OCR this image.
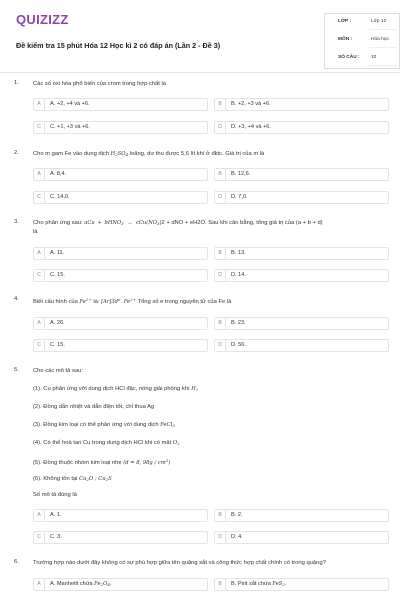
QUIZIZZ
Đề kiểm tra 15 phút Hóa 12 Học kì 2 có đáp án (Lần 2 - Đề 3)
LỚP :	Lớp 12
MÔN :	Hóa học
SỐ CÂU : 10
1. Các số oxi hóa phổ biến của crom trong hợp chất là
A	A. +2, +4 và +6.	B	B. +2, +3 và +6.
C	C. +1, +3 và +6.	D	D. +3, +4 và +6.
2. Cho m gam Fe vào dung dịch $H_2SO_4$ loãng, dư thu được 5,6 lít khí ở đktc. Giá trị của m là
A	A. 8,4.	B	B. 12,6.
C	C. 14,0.	D	D. 7,0.
3. Cho phản ứng sau: aCu + bHNO$_3$ → $cCu(NO_3)2$ + dNO + eH2O. Sau khi cân bằng, tổng giá trị của (a + b + d)
là
A	A. 11.	B	B. 13.
C	C. 15.	D	D. 14.
4. Biết cấu hình của $Fe^{2+}$ là: $[Ar]3d^6$. $Fe^{2+}$ Tổng số e trong nguyên tử của Fe là
A	A. 26.	B	B. 23.
C	C. 15.	D	D. 56.
5. Cho các mô tả sau:
(1). Cu phản ứng với dung dịch HCl đặc, nóng giải phóng khí $H_2$
(2). Đồng dẫn nhiệt và dẫn điện tốt, chỉ thua Ag
(3). Đồng kim loại có thể phản ứng với dung dịch FeCl$_3$
(4). Có thể hoà tan Cu trong dung dịch HCl khi có mặt $O_2$
(5). Đồng thuộc nhóm kim loại nhẹ (d = 8, $98g / cm^3$)
(6). Không tồn tại $Cu_2O$ ; $Cu_2S$
Số mô tả đúng là
A	A. 1.	B	B. 2.
C	C. 3.	D	D. 4.
6. Trường hợp nào dưới đây không có sự phù hợp giữa tên quặng sắt và công thức hợp chất chính có trong quặng?
A	A. Manhetit chứa $Fe_2O_4$.	B	B. Pirit sắt chứa FeS$_2$.
